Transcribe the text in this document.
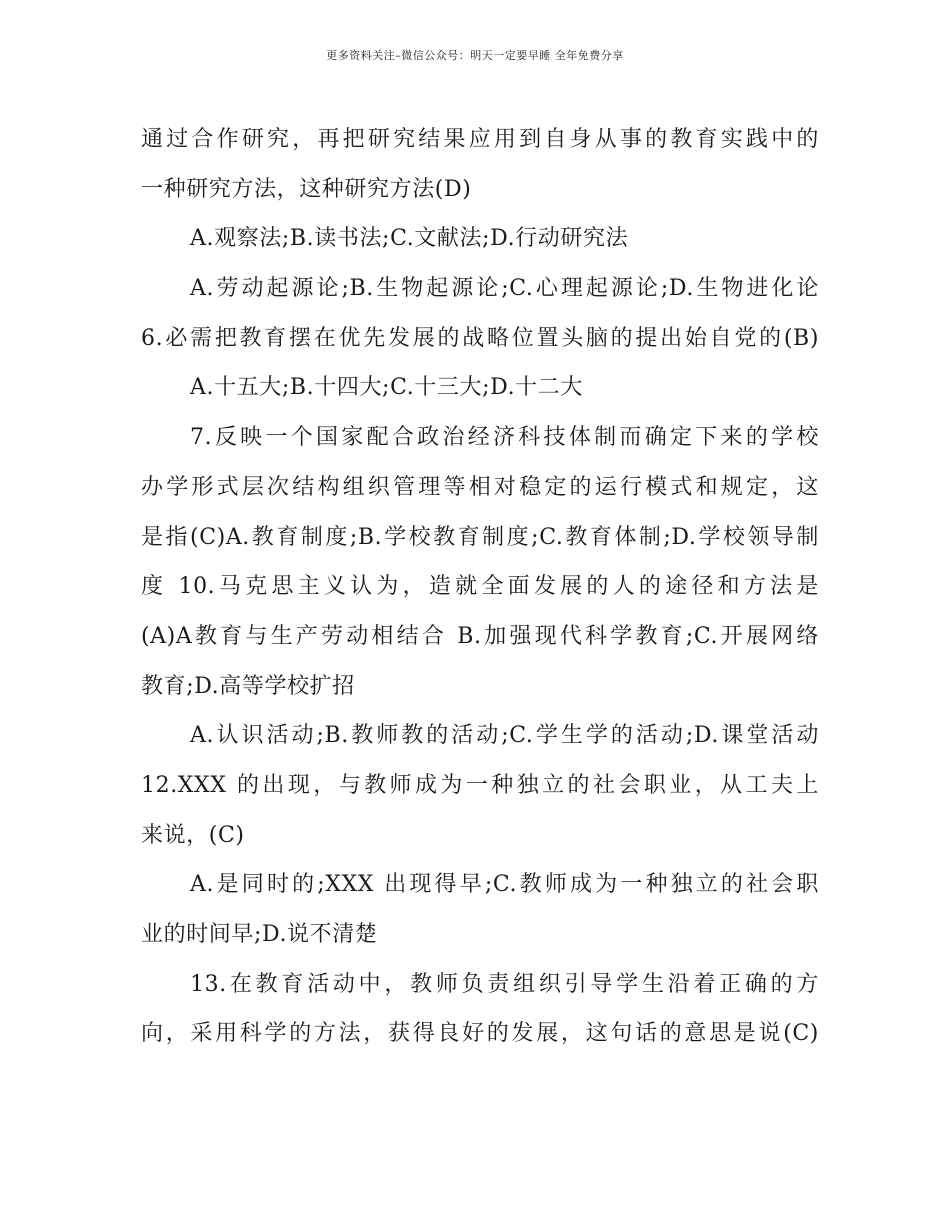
更多资料关注–微信公众号：明天一定要早睡 全年免费分享
通过合作研究，再把研究结果应用到自身从事的教育实践中的
一种研究方法，这种研究方法(D)
A.观察法;B.读书法;C.文献法;D.行动研究法
A.劳动起源论;B.生物起源论;C.心理起源论;D.生物进化论
6.必需把教育摆在优先发展的战略位置头脑的提出始自党的(B)
A.十五大;B.十四大;C.十三大;D.十二大
7.反映一个国家配合政治经济科技体制而确定下来的学校
办学形式层次结构组织管理等相对稳定的运行模式和规定，这
是指(C)A.教育制度;B.学校教育制度;C.教育体制;D.学校领导制
度 10.马克思主义认为，造就全面发展的人的途径和方法是
(A)A教育与生产劳动相结合 B.加强现代科学教育;C.开展网络
教育;D.高等学校扩招
A.认识活动;B.教师教的活动;C.学生学的活动;D.课堂活动
12.XXX 的出现，与教师成为一种独立的社会职业，从工夫上
来说，(C)
A.是同时的;XXX 出现得早;C.教师成为一种独立的社会职
业的时间早;D.说不清楚
13.在教育活动中，教师负责组织引导学生沿着正确的方
向，采用科学的方法，获得良好的发展，这句话的意思是说(C)
